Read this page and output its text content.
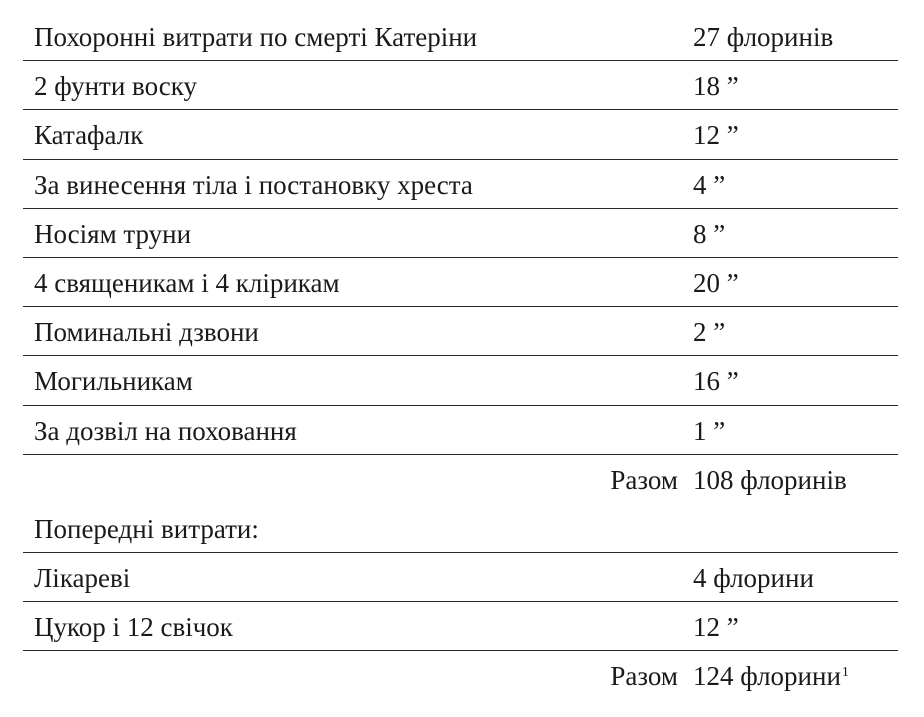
Похоронні витрати по смерті Катеріни	27 флоринів
2 фунти воску	18 ”
Катафалк	12 ”
За винесення тіла і постановку хреста	4 ”
Носіям труни	8 ”
4 священикам і 4 клірикам	20 ”
Поминальні дзвони	2 ”
Могильникам	16 ”
За дозвіл на поховання	1 ”
Разом 108 флоринів
Попередні витрати:
Лікареві	4 флорини
Цукор і 12 свічок	12 ”
Разом 124 флорини$^1$
